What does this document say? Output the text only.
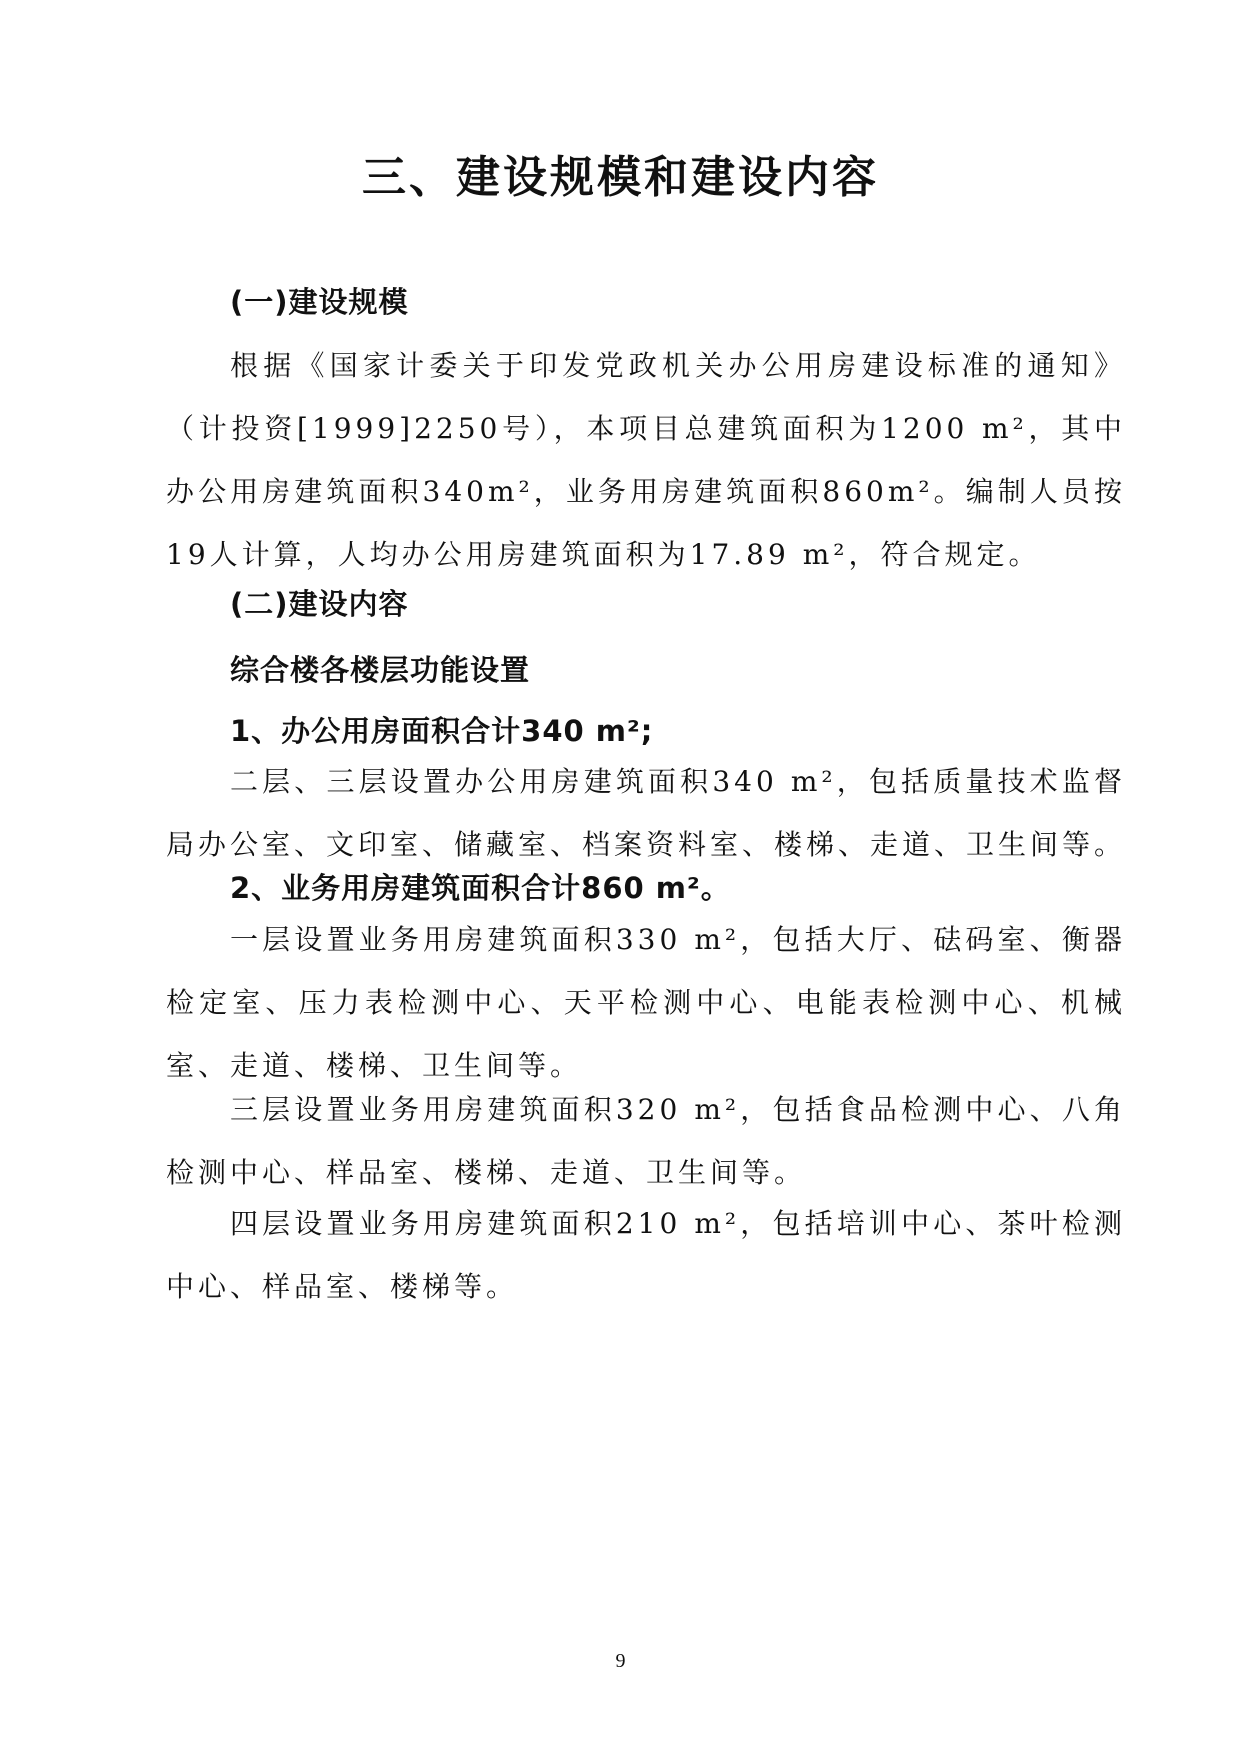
三、建设规模和建设内容
(一)建设规模
根据《国家计委关于印发党政机关办公用房建设标准的通知》（计投资[1999]2250号），本项目总建筑面积为1200 m²，其中办公用房建筑面积340m²，业务用房建筑面积860m²。编制人员按19人计算，人均办公用房建筑面积为17.89 m²，符合规定。
(二)建设内容
综合楼各楼层功能设置
1、办公用房面积合计340 m²;
二层、三层设置办公用房建筑面积340 m²，包括质量技术监督局办公室、文印室、储藏室、档案资料室、楼梯、走道、卫生间等。
2、业务用房建筑面积合计860 m²。
一层设置业务用房建筑面积330 m²，包括大厅、砝码室、衡器检定室、压力表检测中心、天平检测中心、电能表检测中心、机械室、走道、楼梯、卫生间等。
三层设置业务用房建筑面积320 m²，包括食品检测中心、八角检测中心、样品室、楼梯、走道、卫生间等。
四层设置业务用房建筑面积210 m²，包括培训中心、茶叶检测中心、样品室、楼梯等。
9
